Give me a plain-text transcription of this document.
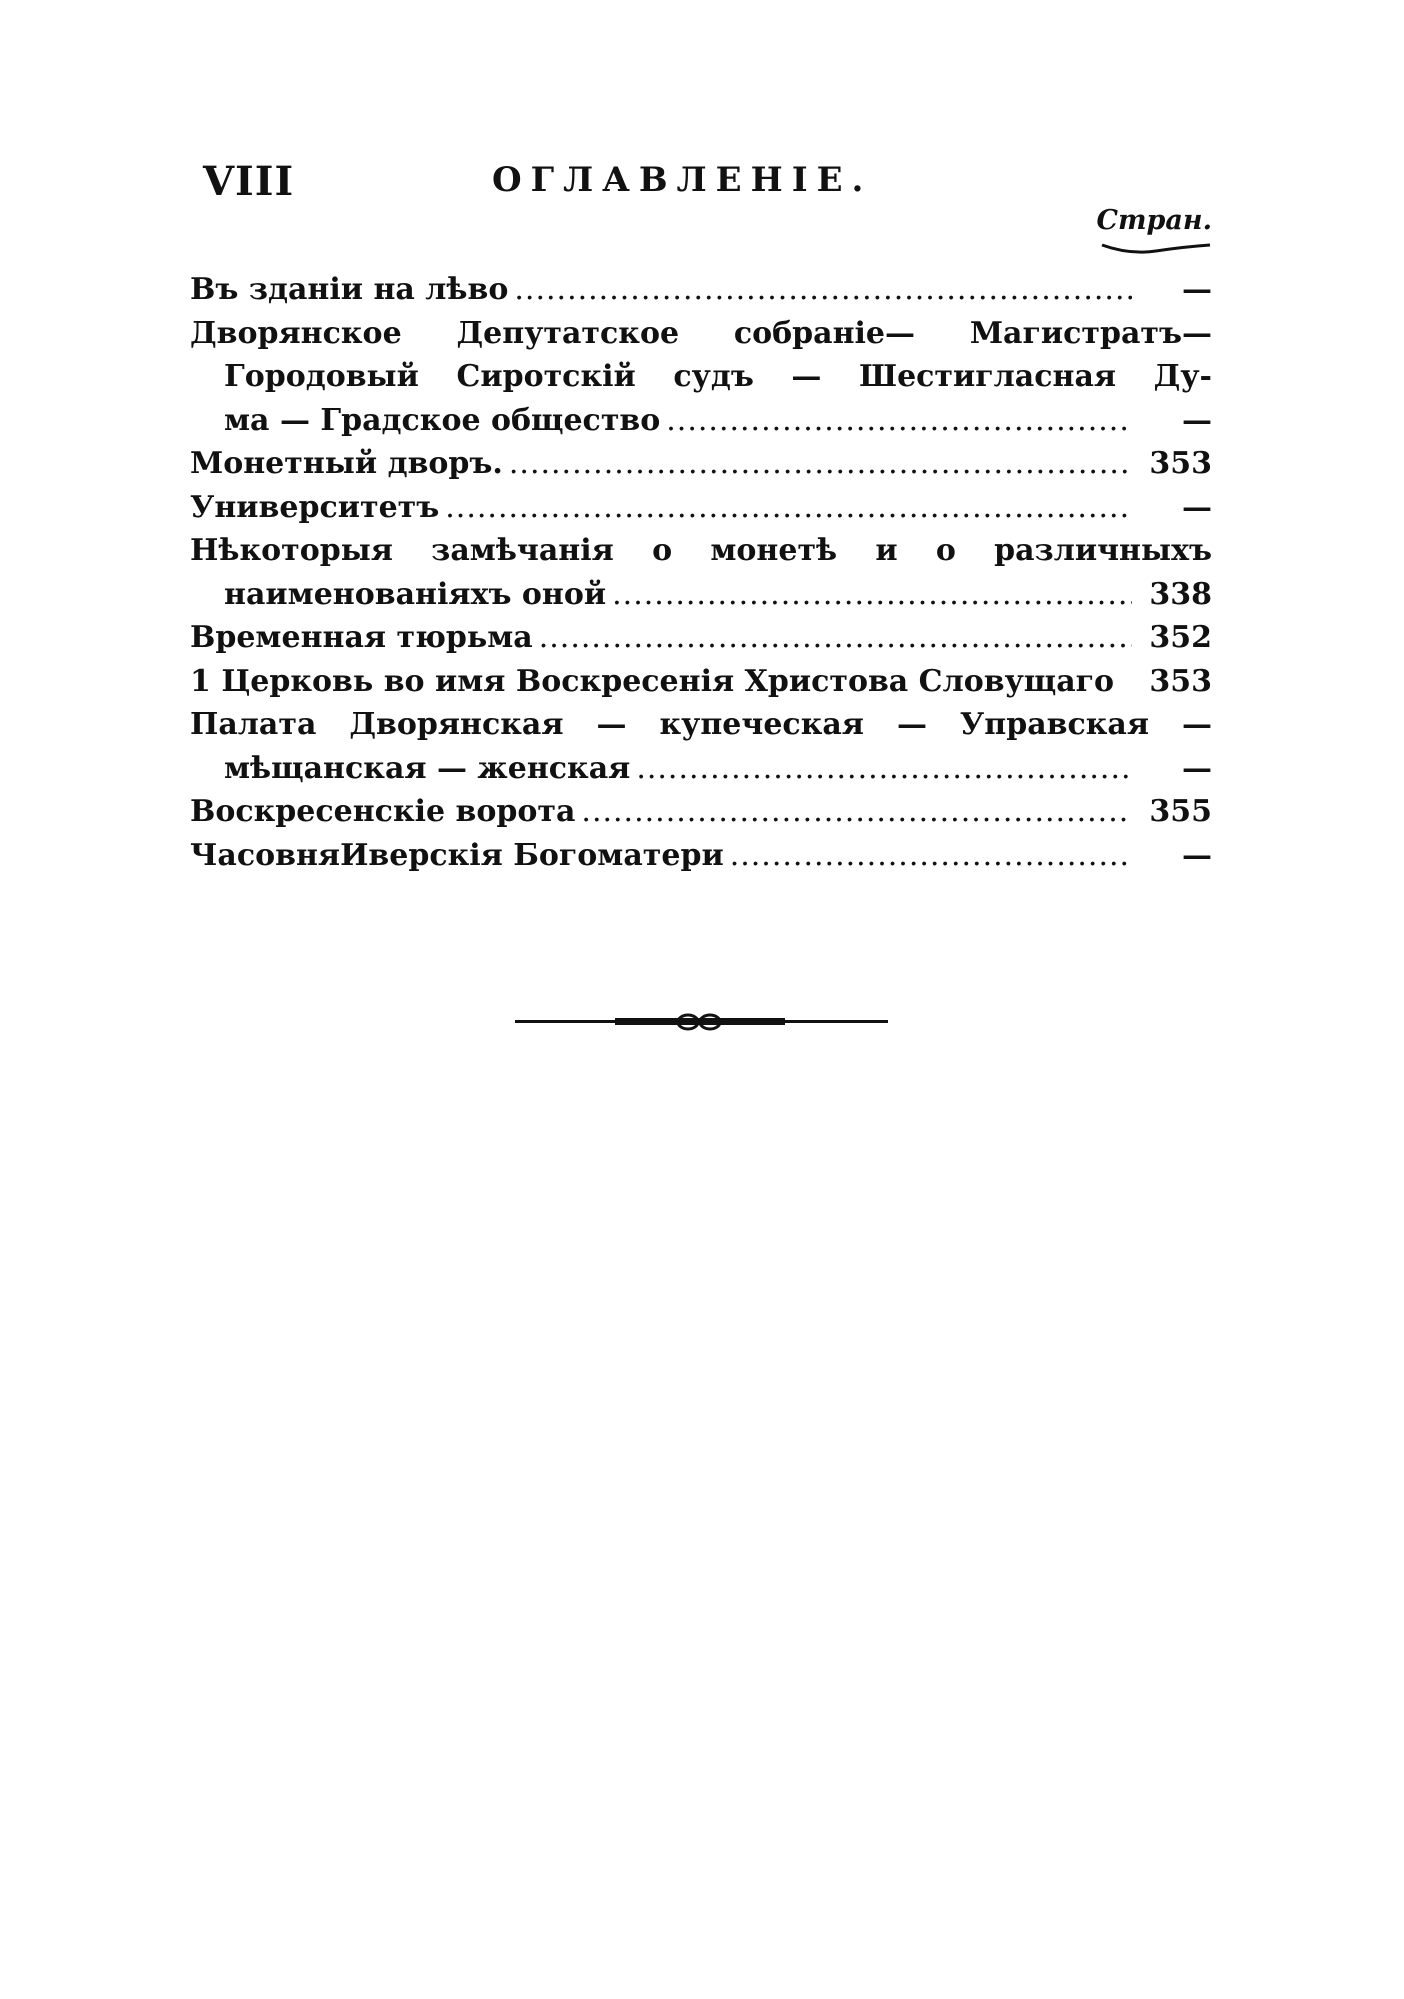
VIII	ОГЛАВЛЕНІЕ.
Стран.
Въ зданіи на лѣво .....	—
Дворянское Депутатское собраніе— Магистратъ—
Городовый Сиротскій судъ — Шестигласная Ду-
ма — Градское общество .....	—
Монетный дворъ. .....	353
Университетъ .....	—
Нѣкоторыя замѣчанія о монетѣ и о различныхъ
наименованіяхъ оной .....	338
Временная тюрьма .....	352
1 Церковь во имя Воскресенія Христова Словущаго	353
Палата Дворянская — купеческая — Управская —
мѣщанская — женская .....	—
Воскресенскіе ворота .....	355
ЧасовняИверскія Богоматери .....	—
